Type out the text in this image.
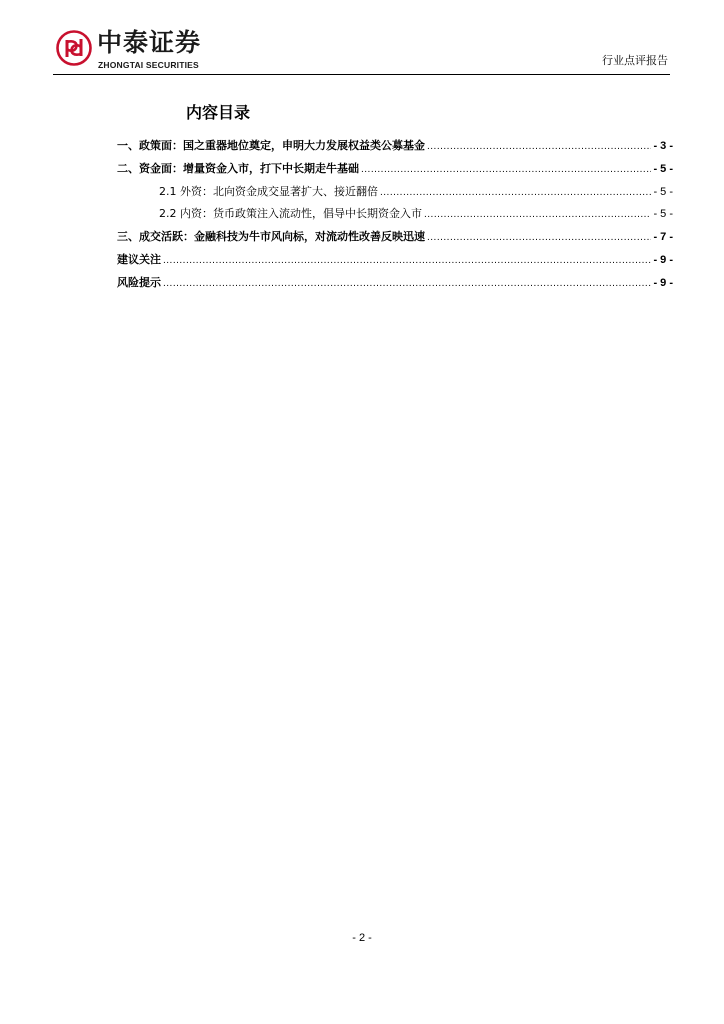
中泰证券
ZHONGTAI SECURITIES	行业点评报告
内容目录
一、政策面：国之重器地位奠定，申明大力发展权益类公募基金 .....	- 3 -
二、资金面：增量资金入市，打下中长期走牛基础 .....	- 5 -
2.1 外资：北向资金成交显著扩大、接近翻倍 .....	- 5 -
2.2 内资：货币政策注入流动性，倡导中长期资金入市 .....	- 5 -
三、成交活跃：金融科技为牛市风向标，对流动性改善反映迅速 .....	- 7 -
建议关注 .....	- 9 -
风险提示 .....	- 9 -
- 2 -
